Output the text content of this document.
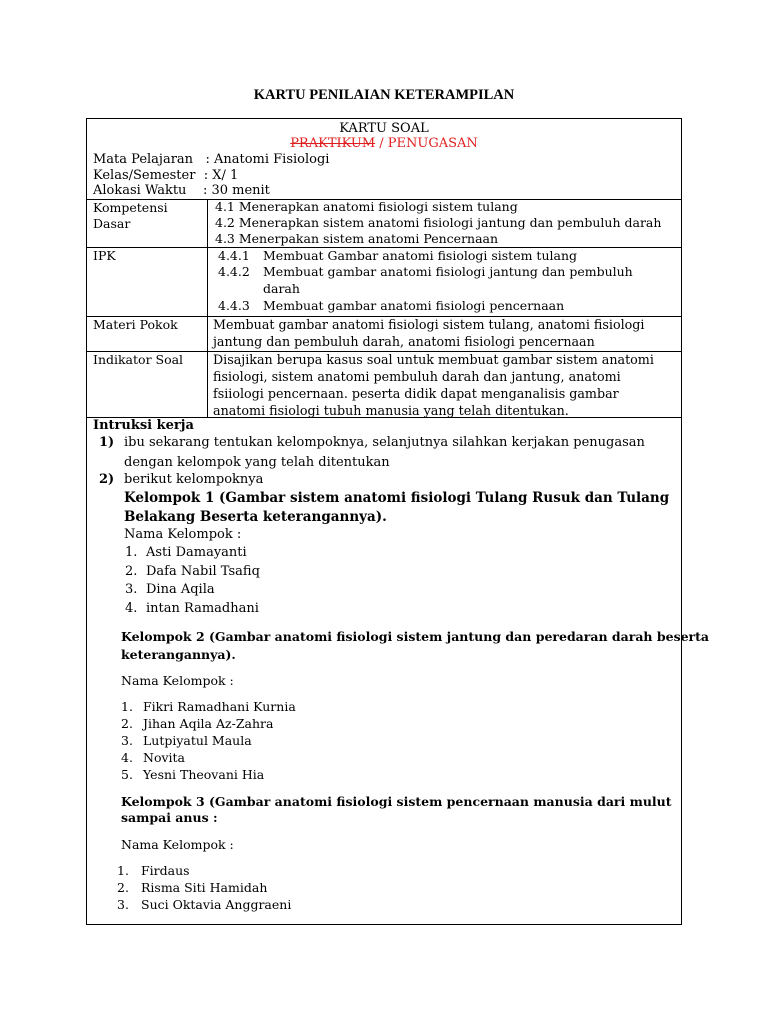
KARTU PENILAIAN KETERAMPILAN
KARTU SOAL
PRAKTIKUM / PENUGASAN
Mata Pelajaran   : Anatomi Fisiologi
Kelas/Semester  : X/ 1
Alokasi Waktu    : 30 menit
Kompetensi Dasar
4.1 Menerapkan anatomi fisiologi sistem tulang
4.2 Menerapkan sistem anatomi fisiologi jantung dan pembuluh darah
4.3 Menerpakan sistem anatomi Pencernaan
IPK	4.4.1 Membuat Gambar anatomi fisiologi sistem tulang
4.4.2 Membuat gambar anatomi fisiologi jantung dan pembuluh darah
4.4.3 Membuat gambar anatomi fisiologi pencernaan
Materi Pokok	Membuat gambar anatomi fisiologi sistem tulang, anatomi fisiologi jantung dan pembuluh darah, anatomi fisiologi pencernaan
Indikator Soal Disajikan berupa kasus soal untuk membuat gambar sistem anatomi fisiologi, sistem anatomi pembuluh darah dan jantung, anatomi fsiiologi pencernaan. peserta didik dapat menganalisis gambar anatomi fisiologi tubuh manusia yang telah ditentukan.
Intruksi kerja
1) ibu sekarang tentukan kelompoknya, selanjutnya silahkan kerjakan penugasan
dengan kelompok yang telah ditentukan
2) berikut kelompoknya
Kelompok 1 (Gambar sistem anatomi fisiologi Tulang Rusuk dan Tulang
Belakang Beserta keterangannya).
Nama Kelompok :
1. Asti Damayanti
2. Dafa Nabil Tsafiq
3. Dina Aqila
4. intan Ramadhani
Kelompok 2 (Gambar anatomi fisiologi sistem jantung dan peredaran darah beserta
keterangannya).
Nama Kelompok :
1. Fikri Ramadhani Kurnia
2. Jihan Aqila Az-Zahra
3. Lutpiyatul Maula
4. Novita
5. Yesni Theovani Hia
Kelompok 3 (Gambar anatomi fisiologi sistem pencernaan manusia dari mulut
sampai anus :
Nama Kelompok :
1. Firdaus
2. Risma Siti Hamidah
3. Suci Oktavia Anggraeni
